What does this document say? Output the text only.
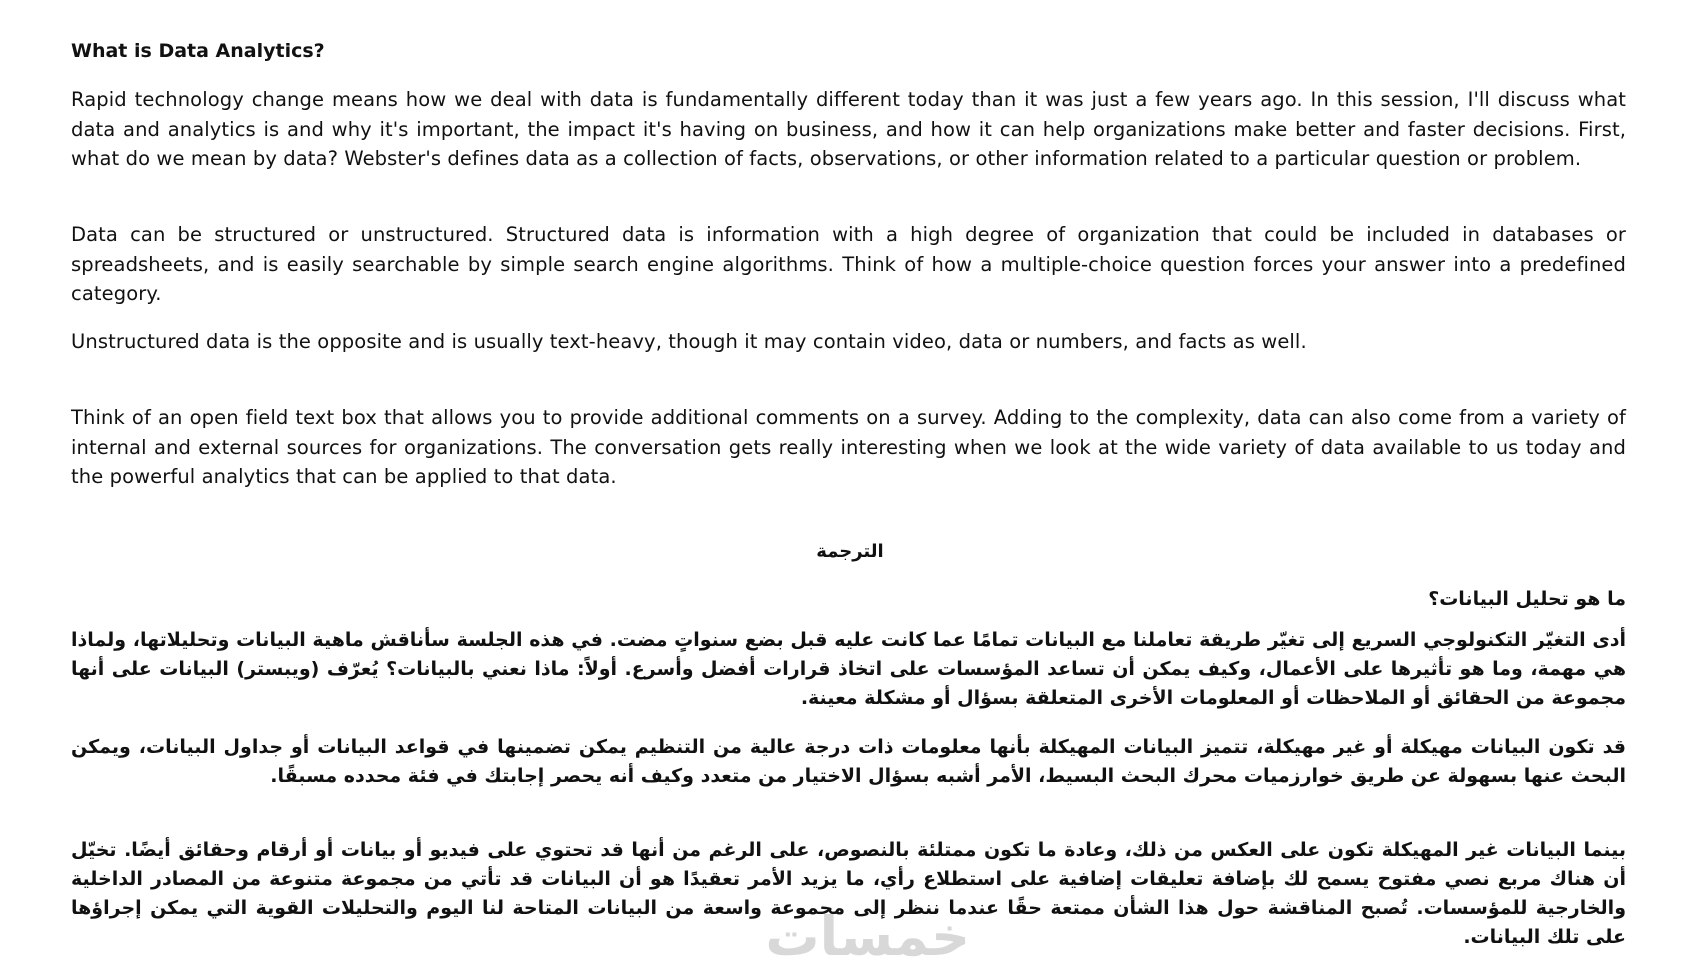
What is Data Analytics?
Rapid technology change means how we deal with data is fundamentally different today than it was just a few years ago. In this session, I'll discuss what data and analytics is and why it's important, the impact it's having on business, and how it can help organizations make better and faster decisions. First, what do we mean by data? Webster's defines data as a collection of facts, observations, or other information related to a particular question or problem.
Data can be structured or unstructured. Structured data is information with a high degree of organization that could be included in databases or spreadsheets, and is easily searchable by simple search engine algorithms. Think of how a multiple-choice question forces your answer into a predefined category.
Unstructured data is the opposite and is usually text-heavy, though it may contain video, data or numbers, and facts as well.
Think of an open field text box that allows you to provide additional comments on a survey. Adding to the complexity, data can also come from a variety of internal and external sources for organizations. The conversation gets really interesting when we look at the wide variety of data available to us today and the powerful analytics that can be applied to that data.
الترجمة
ما هو تحليل البيانات؟
أدى التغيّر التكنولوجي السريع إلى تغيّر طريقة تعاملنا مع البيانات تمامًا عما كانت عليه قبل بضع سنواتٍ مضت. في هذه الجلسة سأناقش ماهية البيانات وتحليلاتها، ولماذا هي مهمة، وما هو تأثيرها على الأعمال، وكيف يمكن أن تساعد المؤسسات على اتخاذ قرارات أفضل وأسرع. أولاً: ماذا نعني بالبيانات؟ يُعرّف (ويبستر) البيانات على أنها مجموعة من الحقائق أو الملاحظات أو المعلومات الأخرى المتعلقة بسؤال أو مشكلة معينة.
قد تكون البيانات مهيكلة أو غير مهيكلة، تتميز البيانات المهيكلة بأنها معلومات ذات درجة عالية من التنظيم يمكن تضمينها في قواعد البيانات أو جداول البيانات، ويمكن البحث عنها بسهولة عن طريق خوارزميات محرك البحث البسيط، الأمر أشبه بسؤال الاختيار من متعدد وكيف أنه يحصر إجابتك في فئة محدده مسبقًا.
بينما البيانات غير المهيكلة تكون على العكس من ذلك، وعادة ما تكون ممتلئة بالنصوص، على الرغم من أنها قد تحتوي على فيديو أو بيانات أو أرقام وحقائق أيضًا. تخيّل أن هناك مربع نصي مفتوح يسمح لك بإضافة تعليقات إضافية على استطلاع رأي، ما يزيد الأمر تعقيدًا هو أن البيانات قد تأتي من مجموعة متنوعة من المصادر الداخلية والخارجية للمؤسسات. تُصبح المناقشة حول هذا الشأن ممتعة حقًا عندما ننظر إلى مجموعة واسعة من البيانات المتاحة لنا اليوم والتحليلات القوية التي يمكن إجراؤها على تلك البيانات.
خمسات
